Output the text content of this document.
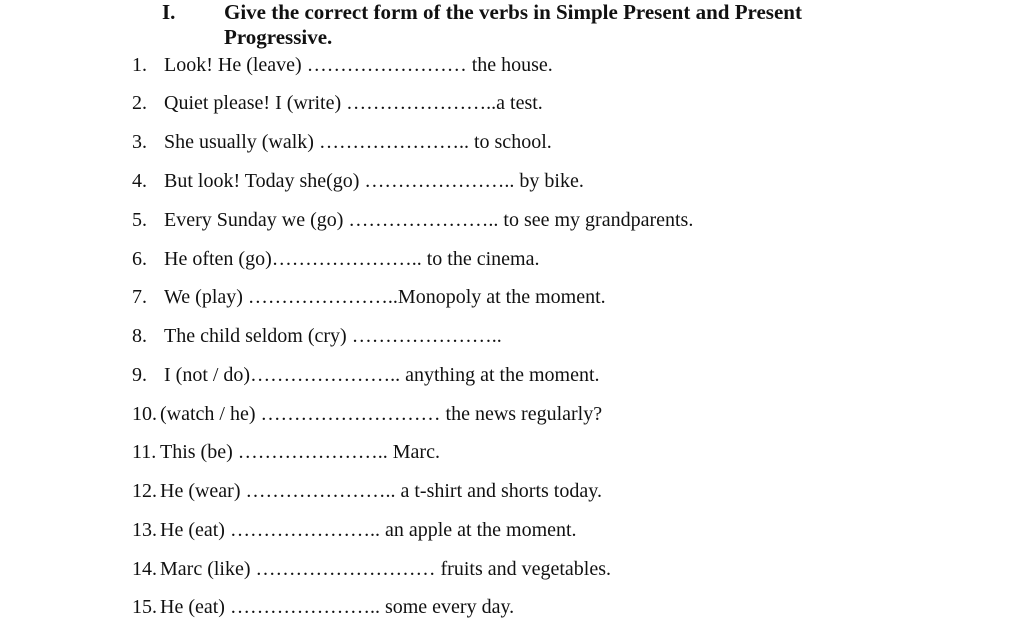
I. Give the correct form of the verbs in Simple Present and Present Progressive.
1. Look! He (leave) …………………… the house.
2. Quiet please! I (write) …………………..a test.
3. She usually (walk) ………………….. to school.
4. But look! Today she(go) ………………….. by bike.
5. Every Sunday we (go) ………………….. to see my grandparents.
6. He often (go)………………….. to the cinema.
7. We (play) …………………..Monopoly at the moment.
8. The child seldom (cry) …………………..
9. I (not / do)………………….. anything at the moment.
10. (watch / he) ……………………… the news regularly?
11. This (be) ………………….. Marc.
12. He (wear) ………………….. a t-shirt and shorts today.
13. He (eat) ………………….. an apple at the moment.
14. Marc (like) ……………………… fruits and vegetables.
15. He (eat) ………………….. some every day.
